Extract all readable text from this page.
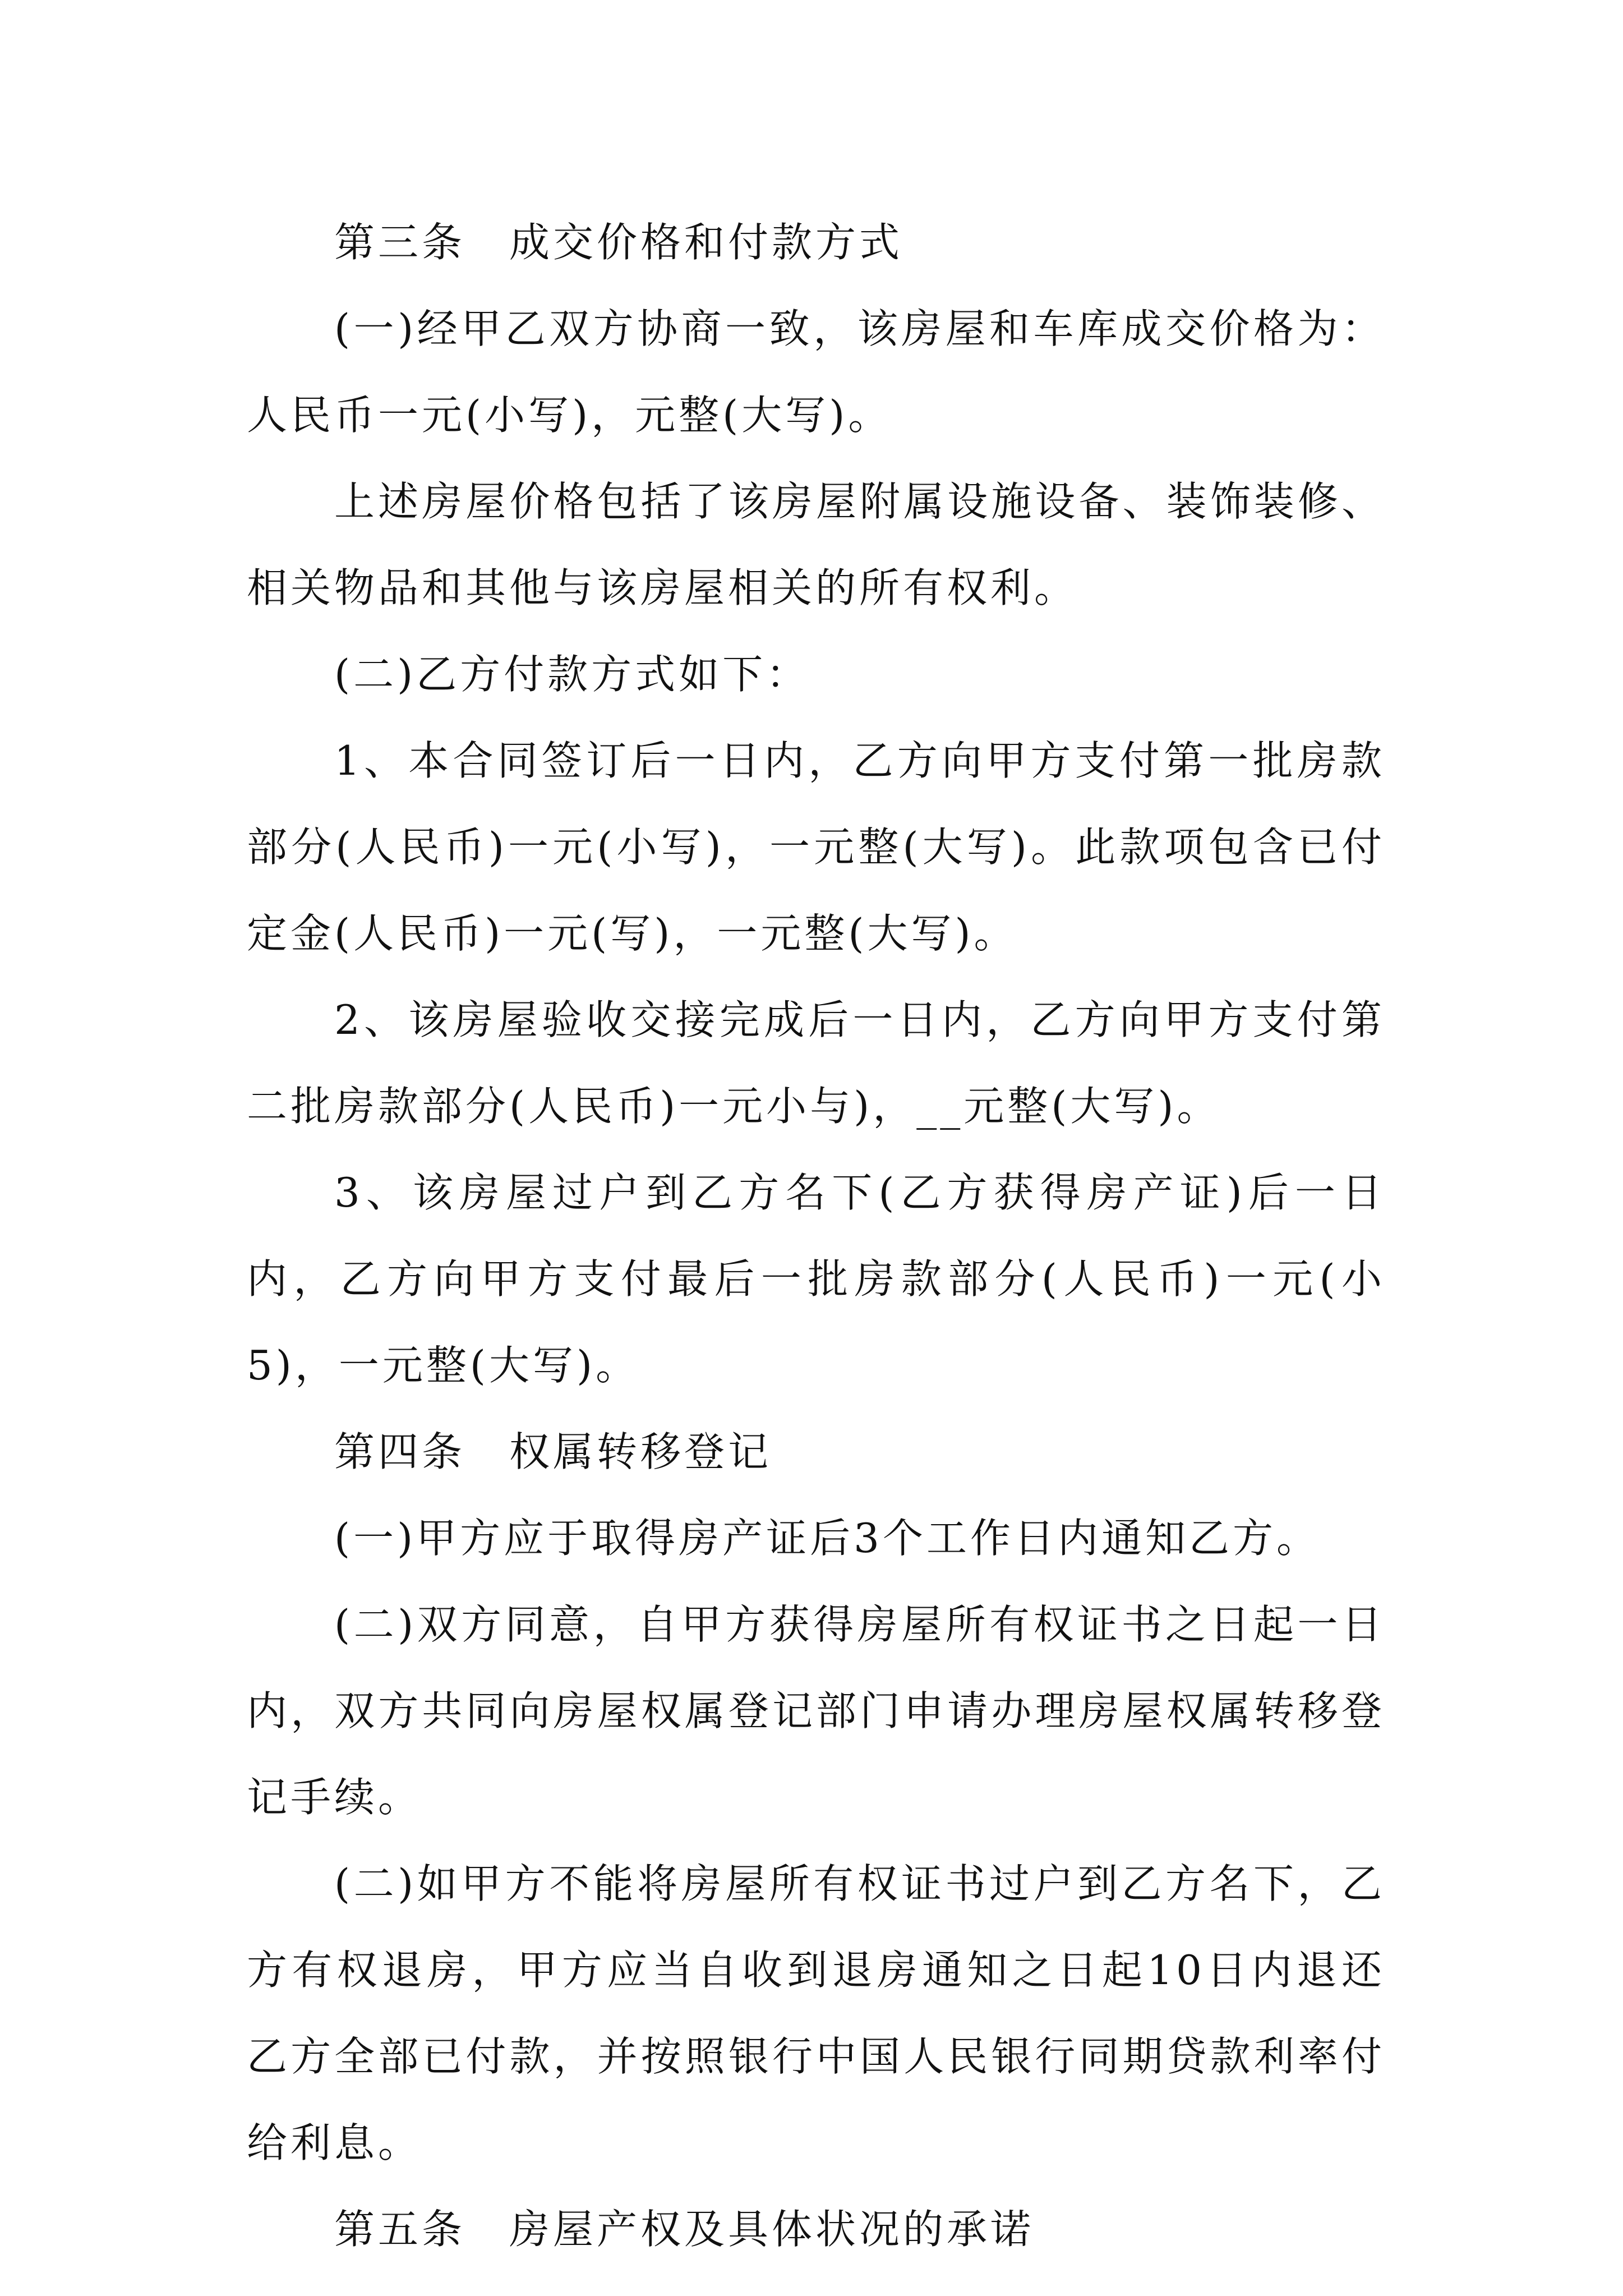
第三条　成交价格和付款方式

(一)经甲乙双方协商一致，该房屋和车库成交价格为：人民币一元(小写)，元整(大写)。

上述房屋价格包括了该房屋附属设施设备、装饰装修、相关物品和其他与该房屋相关的所有权利。

(二)乙方付款方式如下：

1、本合同签订后一日内，乙方向甲方支付第一批房款部分(人民币)一元(小写)，一元整(大写)。此款项包含已付定金(人民币)一元(写)，一元整(大写)。

2、该房屋验收交接完成后一日内，乙方向甲方支付第二批房款部分(人民币)一元小与)，__元整(大写)。

3、该房屋过户到乙方名下(乙方获得房产证)后一日内，乙方向甲方支付最后一批房款部分(人民币)一元(小5)，一元整(大写)。

第四条　权属转移登记

(一)甲方应于取得房产证后3个工作日内通知乙方。

(二)双方同意，自甲方获得房屋所有权证书之日起一日内，双方共同向房屋权属登记部门申请办理房屋权属转移登记手续。

(二)如甲方不能将房屋所有权证书过户到乙方名下，乙方有权退房，甲方应当自收到退房通知之日起10日内退还乙方全部已付款，并按照银行中国人民银行同期贷款利率付给利息。

第五条　房屋产权及具体状况的承诺
